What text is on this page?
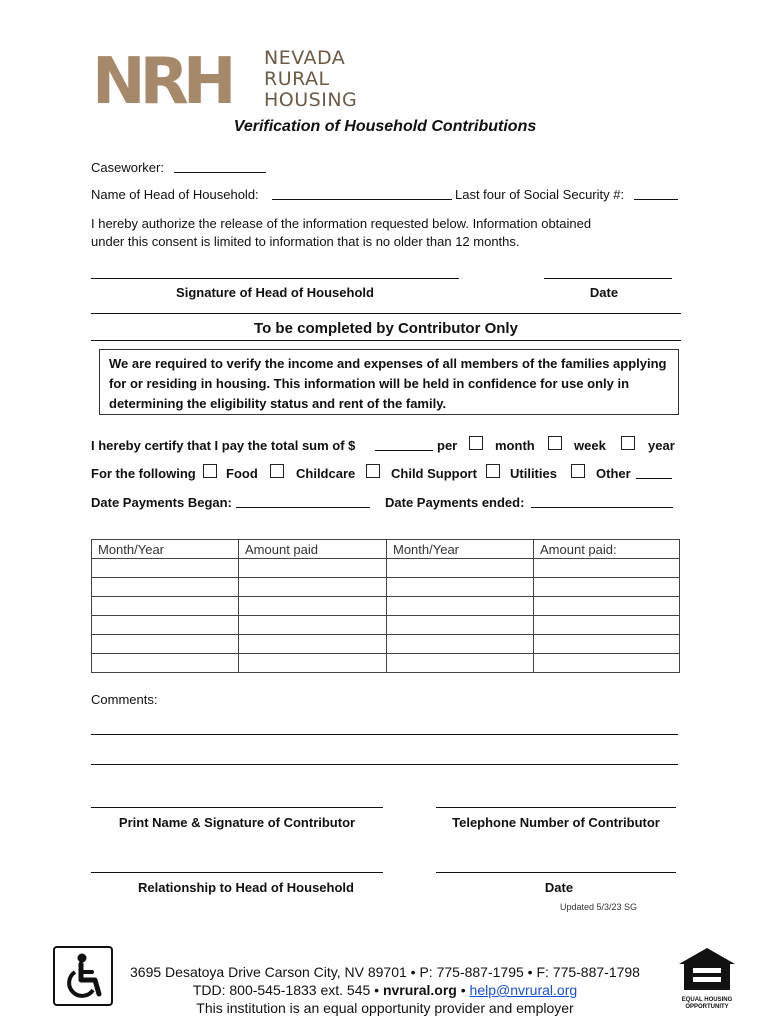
NRH NEVADA
RURAL
HOUSING
Verification of Household Contributions
Caseworker:
Name of Head of Household:	Last four of Social Security #:
I hereby authorize the release of the information requested below. Information obtained
under this consent is limited to information that is no older than 12 months.
Signature of Head of Household	Date
To be completed by Contributor Only
We are required to verify the income and expenses of all members of the families applying
for or residing in housing. This information will be held in confidence for use only in
determining the eligibility status and rent of the family.
I hereby certify that I pay the total sum of $	per	month	week	year
For the following Food	Childcare	Child Support	Utilities	Other
Date Payments Began:	Date Payments ended:
Month/Year	Amount paid	Month/Year	Amount paid:

Comments:
Print Name & Signature of Contributor	Telephone Number of Contributor
Relationship to Head of Household	Date
Updated 5/3/23 SG
3695 Desatoya Drive Carson City, NV 89701 • P: 775-887-1795 • F: 775-887-1798
TDD: 800-545-1833 ext. 545 • nvrural.org • help@nvrural.org
This institution is an equal opportunity provider and employer	EQUAL HOUSING
OPPORTUNITY
